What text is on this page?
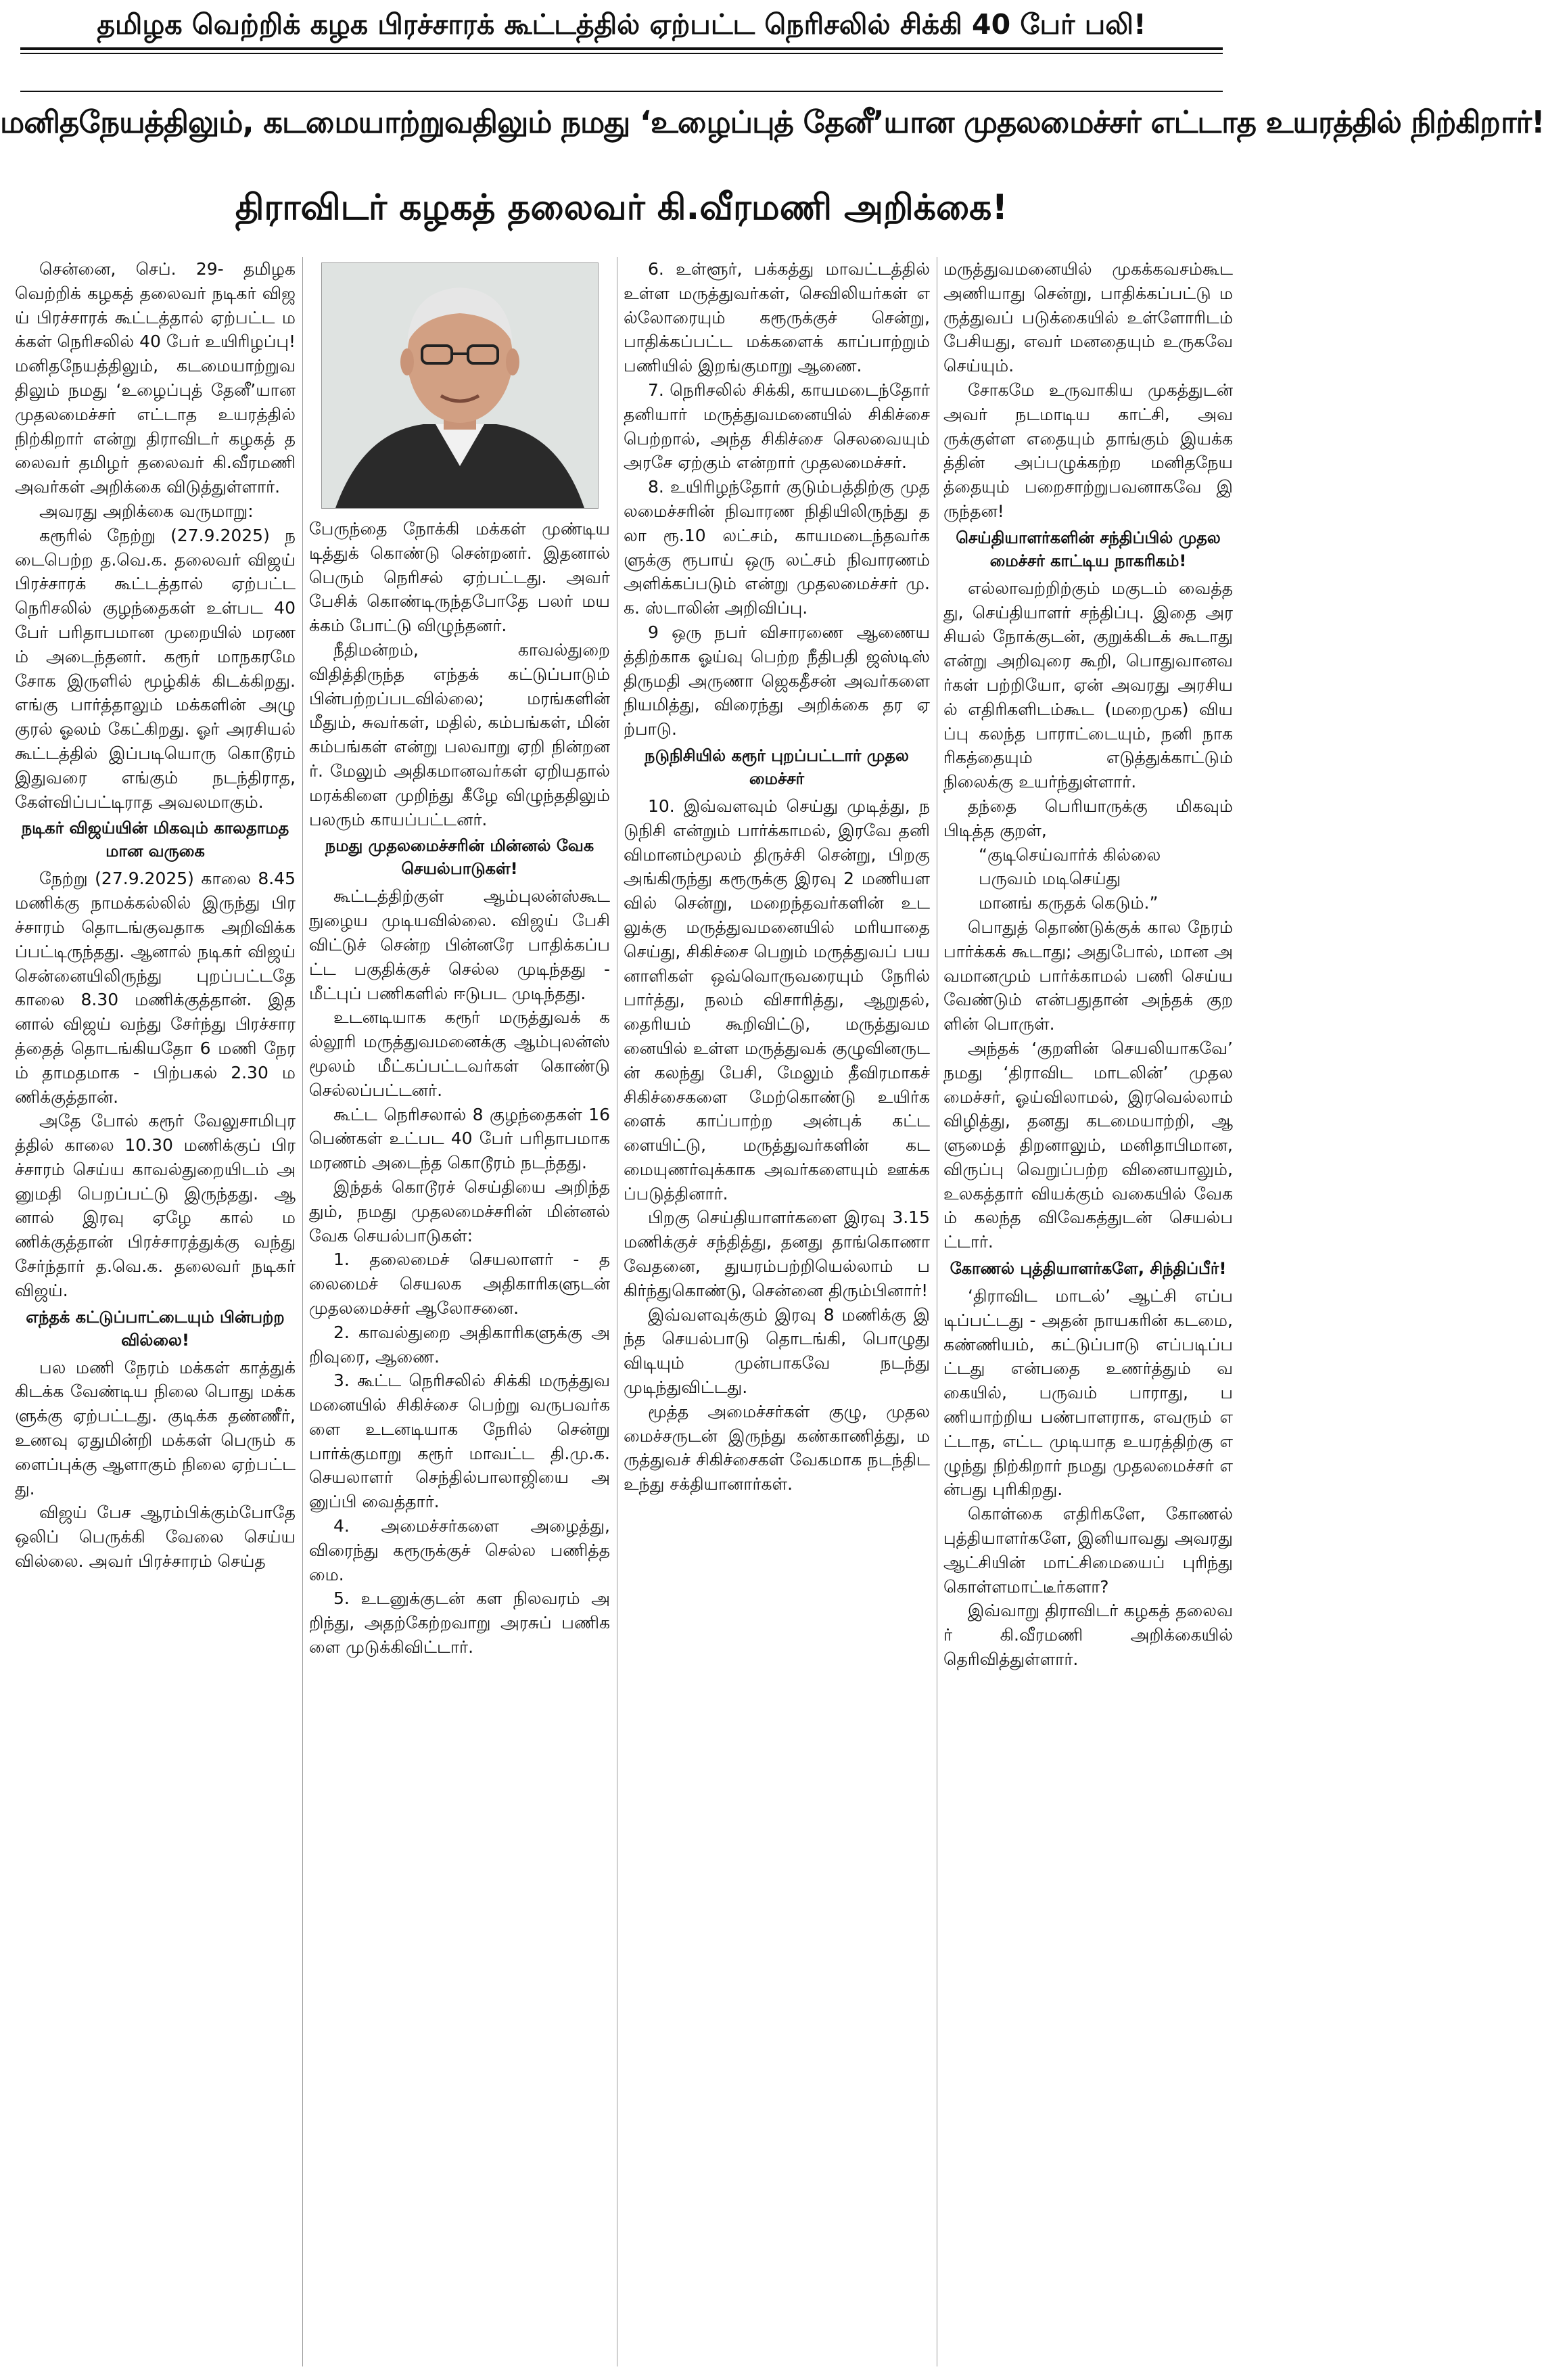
தமிழக வெற்றிக் கழக பிரச்சாரக் கூட்டத்தில் ஏற்பட்ட நெரிசலில் சிக்கி 40 பேர் பலி!
மனிதநேயத்திலும், கடமையாற்றுவதிலும் நமது ‘உழைப்புத் தேனீ’யான முதலமைச்சர் எட்டாத உயரத்தில் நிற்கிறார்!
திராவிடர் கழகத் தலைவர் கி.வீரமணி அறிக்கை!

சென்னை, செப். 29- தமிழக வெற்றிக் கழகத் தலைவர் நடிகர் விஜய் பிரச்சாரக் கூட்டத்தால் ஏற்பட்ட மக்கள் நெரிசலில் 40 பேர் உயிரிழப்பு! மனிதநேயத்திலும், கடமையாற்றுவதிலும் நமது ‘உழைப்புத் தேனீ’யான முதலமைச்சர் எட்டாத உயரத்தில் நிற்கிறார் என்று திராவிடர் கழகத் தலைவர் தமிழர் தலைவர் கி.வீரமணி அவர்கள் அறிக்கை விடுத்துள்ளார்.

அவரது அறிக்கை வருமாறு:

கரூரில் நேற்று (27.9.2025) நடைபெற்ற த.வெ.க. தலைவர் விஜய் பிரச்சாரக் கூட்டத்தால் ஏற்பட்ட நெரிசலில் குழந்தைகள் உள்பட 40 பேர் பரிதாபமான முறையில் மரணம் அடைந்தனர். கரூர் மாநகரமே சோக இருளில் மூழ்கிக் கிடக்கிறது. எங்கு பார்த்தாலும் மக்களின் அழு குரல் ஓலம் கேட்கிறது. ஓர் அரசியல் கூட்டத்தில் இப்படியொரு கொடூரம் இதுவரை எங்கும் நடந்திராத, கேள்விப்பட்டிராத அவலமாகும்.

நடிகர் விஜய்யின் மிகவும் காலதாமதமான வருகை

நேற்று (27.9.2025) காலை 8.45 மணிக்கு நாமக்கல்லில் இருந்து பிரச்சாரம் தொடங்குவதாக அறிவிக்கப்பட்டிருந்தது. ஆனால் நடிகர் விஜய் சென்னையிலிருந்து புறப்பட்டதே காலை 8.30 மணிக்குத்தான். இதனால் விஜய் வந்து சேர்ந்து பிரச்சாரத்தைத் தொடங்கியதோ 6 மணி நேரம் தாமதமாக - பிற்பகல் 2.30 மணிக்குத்தான்.

அதே போல் கரூர் வேலுசாமிபுரத்தில் காலை 10.30 மணிக்குப் பிரச்சாரம் செய்ய காவல்துறையிடம் அனுமதி பெறப்பட்டு இருந்தது. ஆனால் இரவு ஏழே கால் மணிக்குத்தான் பிரச்சாரத்துக்கு வந்து சேர்ந்தார் த.வெ.க. தலைவர் நடிகர் விஜய்.

எந்தக் கட்டுப்பாட்டையும் பின்பற்றவில்லை!

பல மணி நேரம் மக்கள் காத்துக் கிடக்க வேண்டிய நிலை பொது மக்களுக்கு ஏற்பட்டது. குடிக்க தண்ணீர், உணவு ஏதுமின்றி மக்கள் பெரும் களைப்புக்கு ஆளாகும் நிலை ஏற்பட்டது.

விஜய் பேச ஆரம்பிக்கும்போதே ஒலிப் பெருக்கி வேலை செய்யவில்லை. அவர் பிரச்சாரம் செய்த

பேருந்தை நோக்கி மக்கள் முண்டியடித்துக் கொண்டு சென்றனர். இதனால் பெரும் நெரிசல் ஏற்பட்டது. அவர் பேசிக் கொண்டிருந்தபோதே பலர் மயக்கம் போட்டு விழுந்தனர்.

நீதிமன்றம், காவல்துறை விதித்திருந்த எந்தக் கட்டுப்பாடும் பின்பற்றப்படவில்லை; மரங்களின் மீதும், சுவர்கள், மதில், கம்பங்கள், மின் கம்பங்கள் என்று பலவாறு ஏறி நின்றனர். மேலும் அதிகமானவர்கள் ஏறியதால் மரக்கிளை முறிந்து கீழே விழுந்ததிலும் பலரும் காயப்பட்டனர்.

நமது முதலமைச்சரின் மின்னல் வேக செயல்பாடுகள்!

கூட்டத்திற்குள் ஆம்புலன்ஸ்கூட நுழைய முடியவில்லை. விஜய் பேசி விட்டுச் சென்ற பின்னரே பாதிக்கப்பட்ட பகுதிக்குச் செல்ல முடிந்தது - மீட்புப் பணிகளில் ஈடுபட முடிந்தது.

உடனடியாக கரூர் மருத்துவக் கல்லூரி மருத்துவமனைக்கு ஆம்புலன்ஸ் மூலம் மீட்கப்பட்டவர்கள் கொண்டு செல்லப்பட்டனர்.

கூட்ட நெரிசலால் 8 குழந்தைகள் 16 பெண்கள் உட்பட 40 பேர் பரிதாபமாக மரணம் அடைந்த கொடூரம் நடந்தது.

இந்தக் கொடூரச் செய்தியை அறிந்ததும், நமது முதலமைச்சரின் மின்னல் வேக செயல்பாடுகள்:

1. தலைமைச் செயலாளர் - தலைமைச் செயலக அதிகாரிகளுடன் முதலமைச்சர் ஆலோசனை.

2. காவல்துறை அதிகாரிகளுக்கு அறிவுரை, ஆணை.

3. கூட்ட நெரிசலில் சிக்கி மருத்துவமனையில் சிகிச்சை பெற்று வருபவர்களை உடனடியாக நேரில் சென்று பார்க்குமாறு கரூர் மாவட்ட தி.மு.க. செயலாளர் செந்தில்பாலாஜியை அனுப்பி வைத்தார்.

4. அமைச்சர்களை அழைத்து, விரைந்து கரூருக்குச் செல்ல பணித்தமை.

5. உடனுக்குடன் கள நிலவரம் அறிந்து, அதற்கேற்றவாறு அரசுப் பணிகளை முடுக்கிவிட்டார்.

6. உள்ளூர், பக்கத்து மாவட்டத்தில் உள்ள மருத்துவர்கள், செவிலியர்கள் எல்லோரையும் கரூருக்குச் சென்று, பாதிக்கப்பட்ட மக்களைக் காப்பாற்றும் பணியில் இறங்குமாறு ஆணை.

7. நெரிசலில் சிக்கி, காயமடைந்தோர் தனியார் மருத்துவமனையில் சிகிச்சை பெற்றால், அந்த சிகிச்சை செலவையும் அரசே ஏற்கும் என்றார் முதலமைச்சர்.

8. உயிரிழந்தோர் குடும்பத்திற்கு முதலமைச்சரின் நிவாரண நிதியிலிருந்து தலா ரூ.10 லட்சம், காயமடைந்தவர்களுக்கு ரூபாய் ஒரு லட்சம் நிவாரணம் அளிக்கப்படும் என்று முதலமைச்சர் மு.க. ஸ்டாலின் அறிவிப்பு.

9 ஒரு நபர் விசாரணை ஆணையத்திற்காக ஓய்வு பெற்ற நீதிபதி ஜஸ்டிஸ் திருமதி அருணா ஜெகதீசன் அவர்களை நியமித்து, விரைந்து அறிக்கை தர ஏற்பாடு.

நடுநிசியில் கரூர் புறப்பட்டார் முதலமைச்சர்

10. இவ்வளவும் செய்து முடித்து, நடுநிசி என்றும் பார்க்காமல், இரவே தனி விமானம்மூலம் திருச்சி சென்று, பிறகு அங்கிருந்து கரூருக்கு இரவு 2 மணியளவில் சென்று, மறைந்தவர்களின் உடலுக்கு மருத்துவமனையில் மரியாதை செய்து, சிகிச்சை பெறும் மருத்துவப் பயனாளிகள் ஒவ்வொருவரையும் நேரில் பார்த்து, நலம் விசாரித்து, ஆறுதல், தைரியம் கூறிவிட்டு, மருத்துவமனையில் உள்ள மருத்துவக் குழுவினருடன் கலந்து பேசி, மேலும் தீவிரமாகச் சிகிச்சைகளை மேற்கொண்டு உயிர்களைக் காப்பாற்ற அன்புக் கட்டளையிட்டு, மருத்துவர்களின் கடமையுணர்வுக்காக அவர்களையும் ஊக்கப்படுத்தினார்.

பிறகு செய்தியாளர்களை இரவு 3.15 மணிக்குச் சந்தித்து, தனது தாங்கொணா வேதனை, துயரம்பற்றியெல்லாம் பகிர்ந்துகொண்டு, சென்னை திரும்பினார்!

இவ்வளவுக்கும் இரவு 8 மணிக்கு இந்த செயல்பாடு தொடங்கி, பொழுது விடியும் முன்பாகவே நடந்து முடிந்துவிட்டது.

மூத்த அமைச்சர்கள் குழு, முதலமைச்சருடன் இருந்து கண்காணித்து, மருத்துவச் சிகிச்சைகள் வேகமாக நடந்திட உந்து சக்தியானார்கள்.

மருத்துவமனையில் முகக்கவசம்கூட அணியாது சென்று, பாதிக்கப்பட்டு மருத்துவப் படுக்கையில் உள்ளோரிடம் பேசியது, எவர் மனதையும் உருகவே செய்யும்.

சோகமே உருவாகிய முகத்துடன் அவர் நடமாடிய காட்சி, அவருக்குள்ள எதையும் தாங்கும் இயக்கத்தின் அப்பழுக்கற்ற மனிதநேயத்தையும் பறைசாற்றுபவனாகவே இருந்தன!

செய்தியாளர்களின் சந்திப்பில் முதலமைச்சர் காட்டிய நாகரிகம்!

எல்லாவற்றிற்கும் மகுடம் வைத்தது, செய்தியாளர் சந்திப்பு. இதை அரசியல் நோக்குடன், குறுக்கிடக் கூடாது என்று அறிவுரை கூறி, பொதுவானவர்கள் பற்றியோ, ஏன் அவரது அரசியல் எதிரிகளிடம்கூட (மறைமுக) வியப்பு கலந்த பாராட்டையும், நனி நாகரிகத்தையும் எடுத்துக்காட்டும் நிலைக்கு உயர்ந்துள்ளார்.

தந்தை பெரியாருக்கு மிகவும் பிடித்த குறள்,

“குடிசெய்வார்க் கில்லை

பருவம் மடிசெய்து

மானங் கருதக் கெடும்.”

பொதுத் தொண்டுக்குக் கால நேரம் பார்க்கக் கூடாது; அதுபோல், மான அவமானமும் பார்க்காமல் பணி செய்யவேண்டும் என்பதுதான் அந்தக் குறளின் பொருள்.

அந்தக் ‘குறளின் செயலியாகவே’ நமது ‘திராவிட மாடலின்’ முதலமைச்சர், ஓய்விலாமல், இரவெல்லாம் விழித்து, தனது கடமையாற்றி, ஆளுமைத் திறனாலும், மனிதாபிமான, விருப்பு வெறுப்பற்ற வினையாலும், உலகத்தார் வியக்கும் வகையில் வேகம் கலந்த விவேகத்துடன் செயல்பட்டார்.

கோணல் புத்தியாளர்களே, சிந்திப்பீர்!

‘திராவிட மாடல்’ ஆட்சி எப்படிப்பட்டது - அதன் நாயகரின் கடமை, கண்ணியம், கட்டுப்பாடு எப்படிப்பட்டது என்பதை உணர்த்தும் வகையில், பருவம் பாராது, பணியாற்றிய பண்பாளராக, எவரும் எட்டாத, எட்ட முடியாத உயரத்திற்கு எழுந்து நிற்கிறார் நமது முதலமைச்சர் என்பது புரிகிறது.

கொள்கை எதிரிகளே, கோணல் புத்தியாளர்களே, இனியாவது அவரது ஆட்சியின் மாட்சிமையைப் புரிந்து கொள்ளமாட்டீர்களா?

இவ்வாறு திராவிடர் கழகத் தலைவர் கி.வீரமணி அறிக்கையில் தெரிவித்துள்ளார்.
